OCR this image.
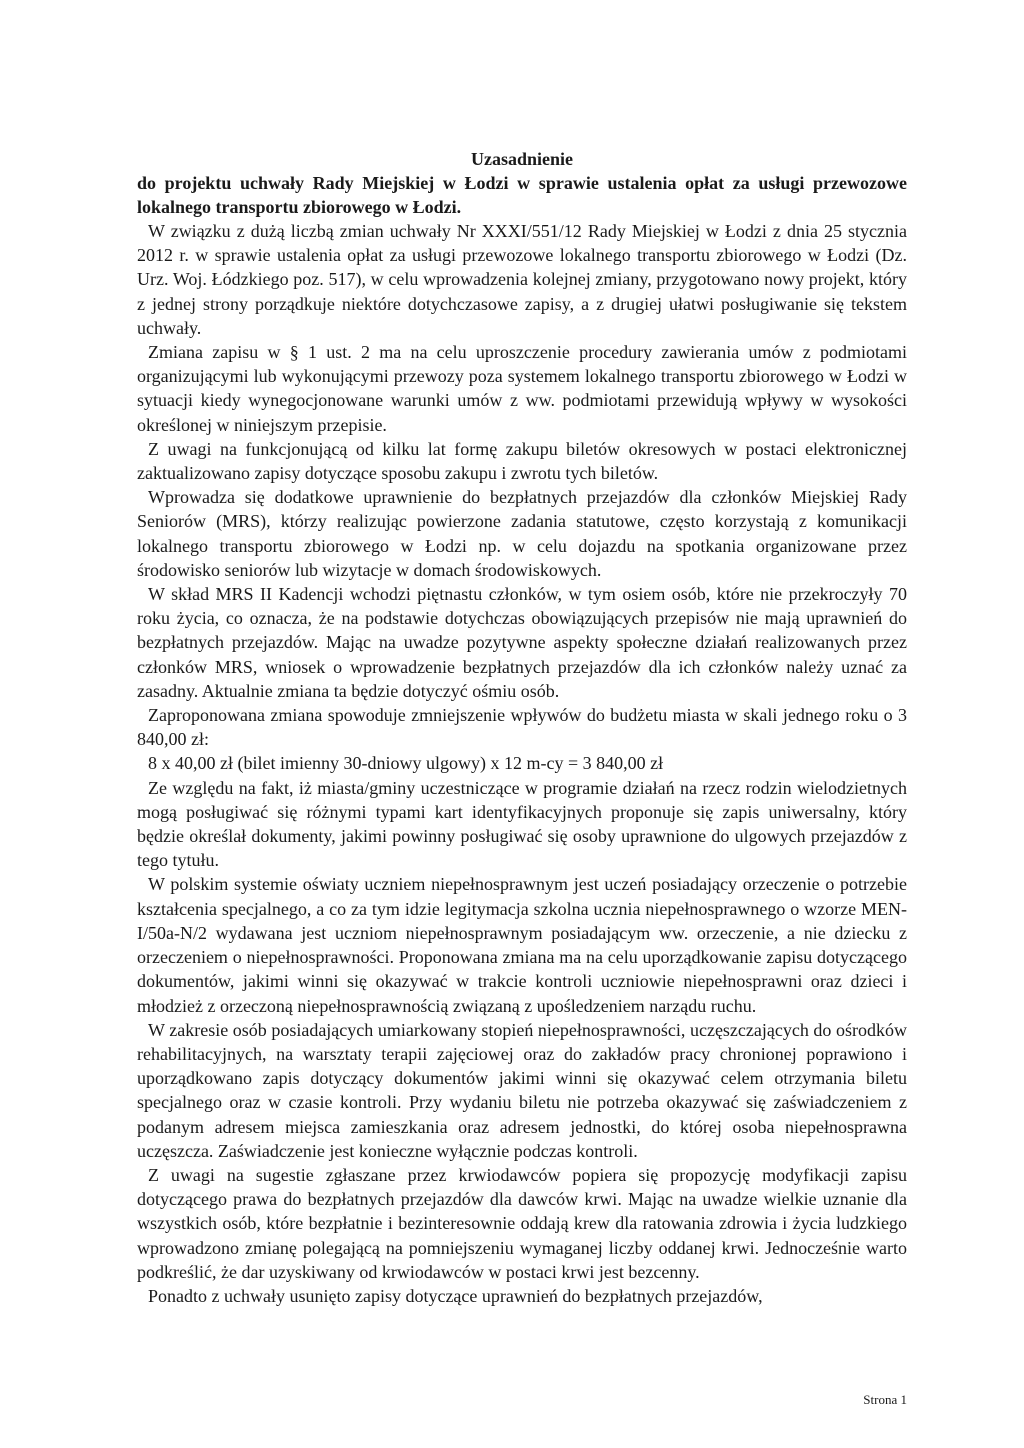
Uzasadnienie

do projektu uchwały Rady Miejskiej w Łodzi w sprawie ustalenia opłat za usługi przewozowe lokalnego transportu zbiorowego w Łodzi.

W związku z dużą liczbą zmian uchwały Nr XXXI/551/12 Rady Miejskiej w Łodzi z dnia 25 stycznia 2012 r. w sprawie ustalenia opłat za usługi przewozowe lokalnego transportu zbiorowego w Łodzi (Dz. Urz. Woj. Łódzkiego poz. 517), w celu wprowadzenia kolejnej zmiany, przygotowano nowy projekt, który z jednej strony porządkuje niektóre dotychczasowe zapisy, a z drugiej ułatwi posługiwanie się tekstem uchwały.

Zmiana zapisu w § 1 ust. 2 ma na celu uproszczenie procedury zawierania umów z podmiotami organizującymi lub wykonującymi przewozy poza systemem lokalnego transportu zbiorowego w Łodzi w sytuacji kiedy wynegocjonowane warunki umów z ww. podmiotami przewidują wpływy w wysokości określonej w niniejszym przepisie.

Z uwagi na funkcjonującą od kilku lat formę zakupu biletów okresowych w postaci elektronicznej zaktualizowano zapisy dotyczące sposobu zakupu i zwrotu tych biletów.

Wprowadza się dodatkowe uprawnienie do bezpłatnych przejazdów dla członków Miejskiej Rady Seniorów (MRS), którzy realizując powierzone zadania statutowe, często korzystają z komunikacji lokalnego transportu zbiorowego w Łodzi np. w celu dojazdu na spotkania organizowane przez środowisko seniorów lub wizytacje w domach środowiskowych.

W skład MRS II Kadencji wchodzi piętnastu członków, w tym osiem osób, które nie przekroczyły 70 roku życia, co oznacza, że na podstawie dotychczas obowiązujących przepisów nie mają uprawnień do bezpłatnych przejazdów. Mając na uwadze pozytywne aspekty społeczne działań realizowanych przez członków MRS, wniosek o wprowadzenie bezpłatnych przejazdów dla ich członków należy uznać za zasadny. Aktualnie zmiana ta będzie dotyczyć ośmiu osób.

Zaproponowana zmiana spowoduje zmniejszenie wpływów do budżetu miasta w skali jednego roku o 3 840,00 zł:

8 x 40,00 zł (bilet imienny 30-dniowy ulgowy) x 12 m-cy = 3 840,00 zł

Ze względu na fakt, iż miasta/gminy uczestniczące w programie działań na rzecz rodzin wielodzietnych mogą posługiwać się różnymi typami kart identyfikacyjnych proponuje się zapis uniwersalny, który będzie określał dokumenty, jakimi powinny posługiwać się osoby uprawnione do ulgowych przejazdów z tego tytułu.

W polskim systemie oświaty uczniem niepełnosprawnym jest uczeń posiadający orzeczenie o potrzebie kształcenia specjalnego, a co za tym idzie legitymacja szkolna ucznia niepełnosprawnego o wzorze MEN-I/50a-N/2 wydawana jest uczniom niepełnosprawnym posiadającym ww. orzeczenie, a nie dziecku z orzeczeniem o niepełnosprawności. Proponowana zmiana ma na celu uporządkowanie zapisu dotyczącego dokumentów, jakimi winni się okazywać w trakcie kontroli uczniowie niepełnosprawni oraz dzieci i młodzież z orzeczoną niepełnosprawnością związaną z upośledzeniem narządu ruchu.

W zakresie osób posiadających umiarkowany stopień niepełnosprawności, uczęszczających do ośrodków rehabilitacyjnych, na warsztaty terapii zajęciowej oraz do zakładów pracy chronionej poprawiono i uporządkowano zapis dotyczący dokumentów jakimi winni się okazywać celem otrzymania biletu specjalnego oraz w czasie kontroli. Przy wydaniu biletu nie potrzeba okazywać się zaświadczeniem z podanym adresem miejsca zamieszkania oraz adresem jednostki, do której osoba niepełnosprawna uczęszcza. Zaświadczenie jest konieczne wyłącznie podczas kontroli.

Z uwagi na sugestie zgłaszane przez krwiodawców popiera się propozycję modyfikacji zapisu dotyczącego prawa do bezpłatnych przejazdów dla dawców krwi. Mając na uwadze wielkie uznanie dla wszystkich osób, które bezpłatnie i bezinteresownie oddają krew dla ratowania zdrowia i życia ludzkiego wprowadzono zmianę polegającą na pomniejszeniu wymaganej liczby oddanej krwi. Jednocześnie warto podkreślić, że dar uzyskiwany od krwiodawców w postaci krwi jest bezcenny.

Ponadto z uchwały usunięto zapisy dotyczące uprawnień do bezpłatnych przejazdów,

Strona 1
